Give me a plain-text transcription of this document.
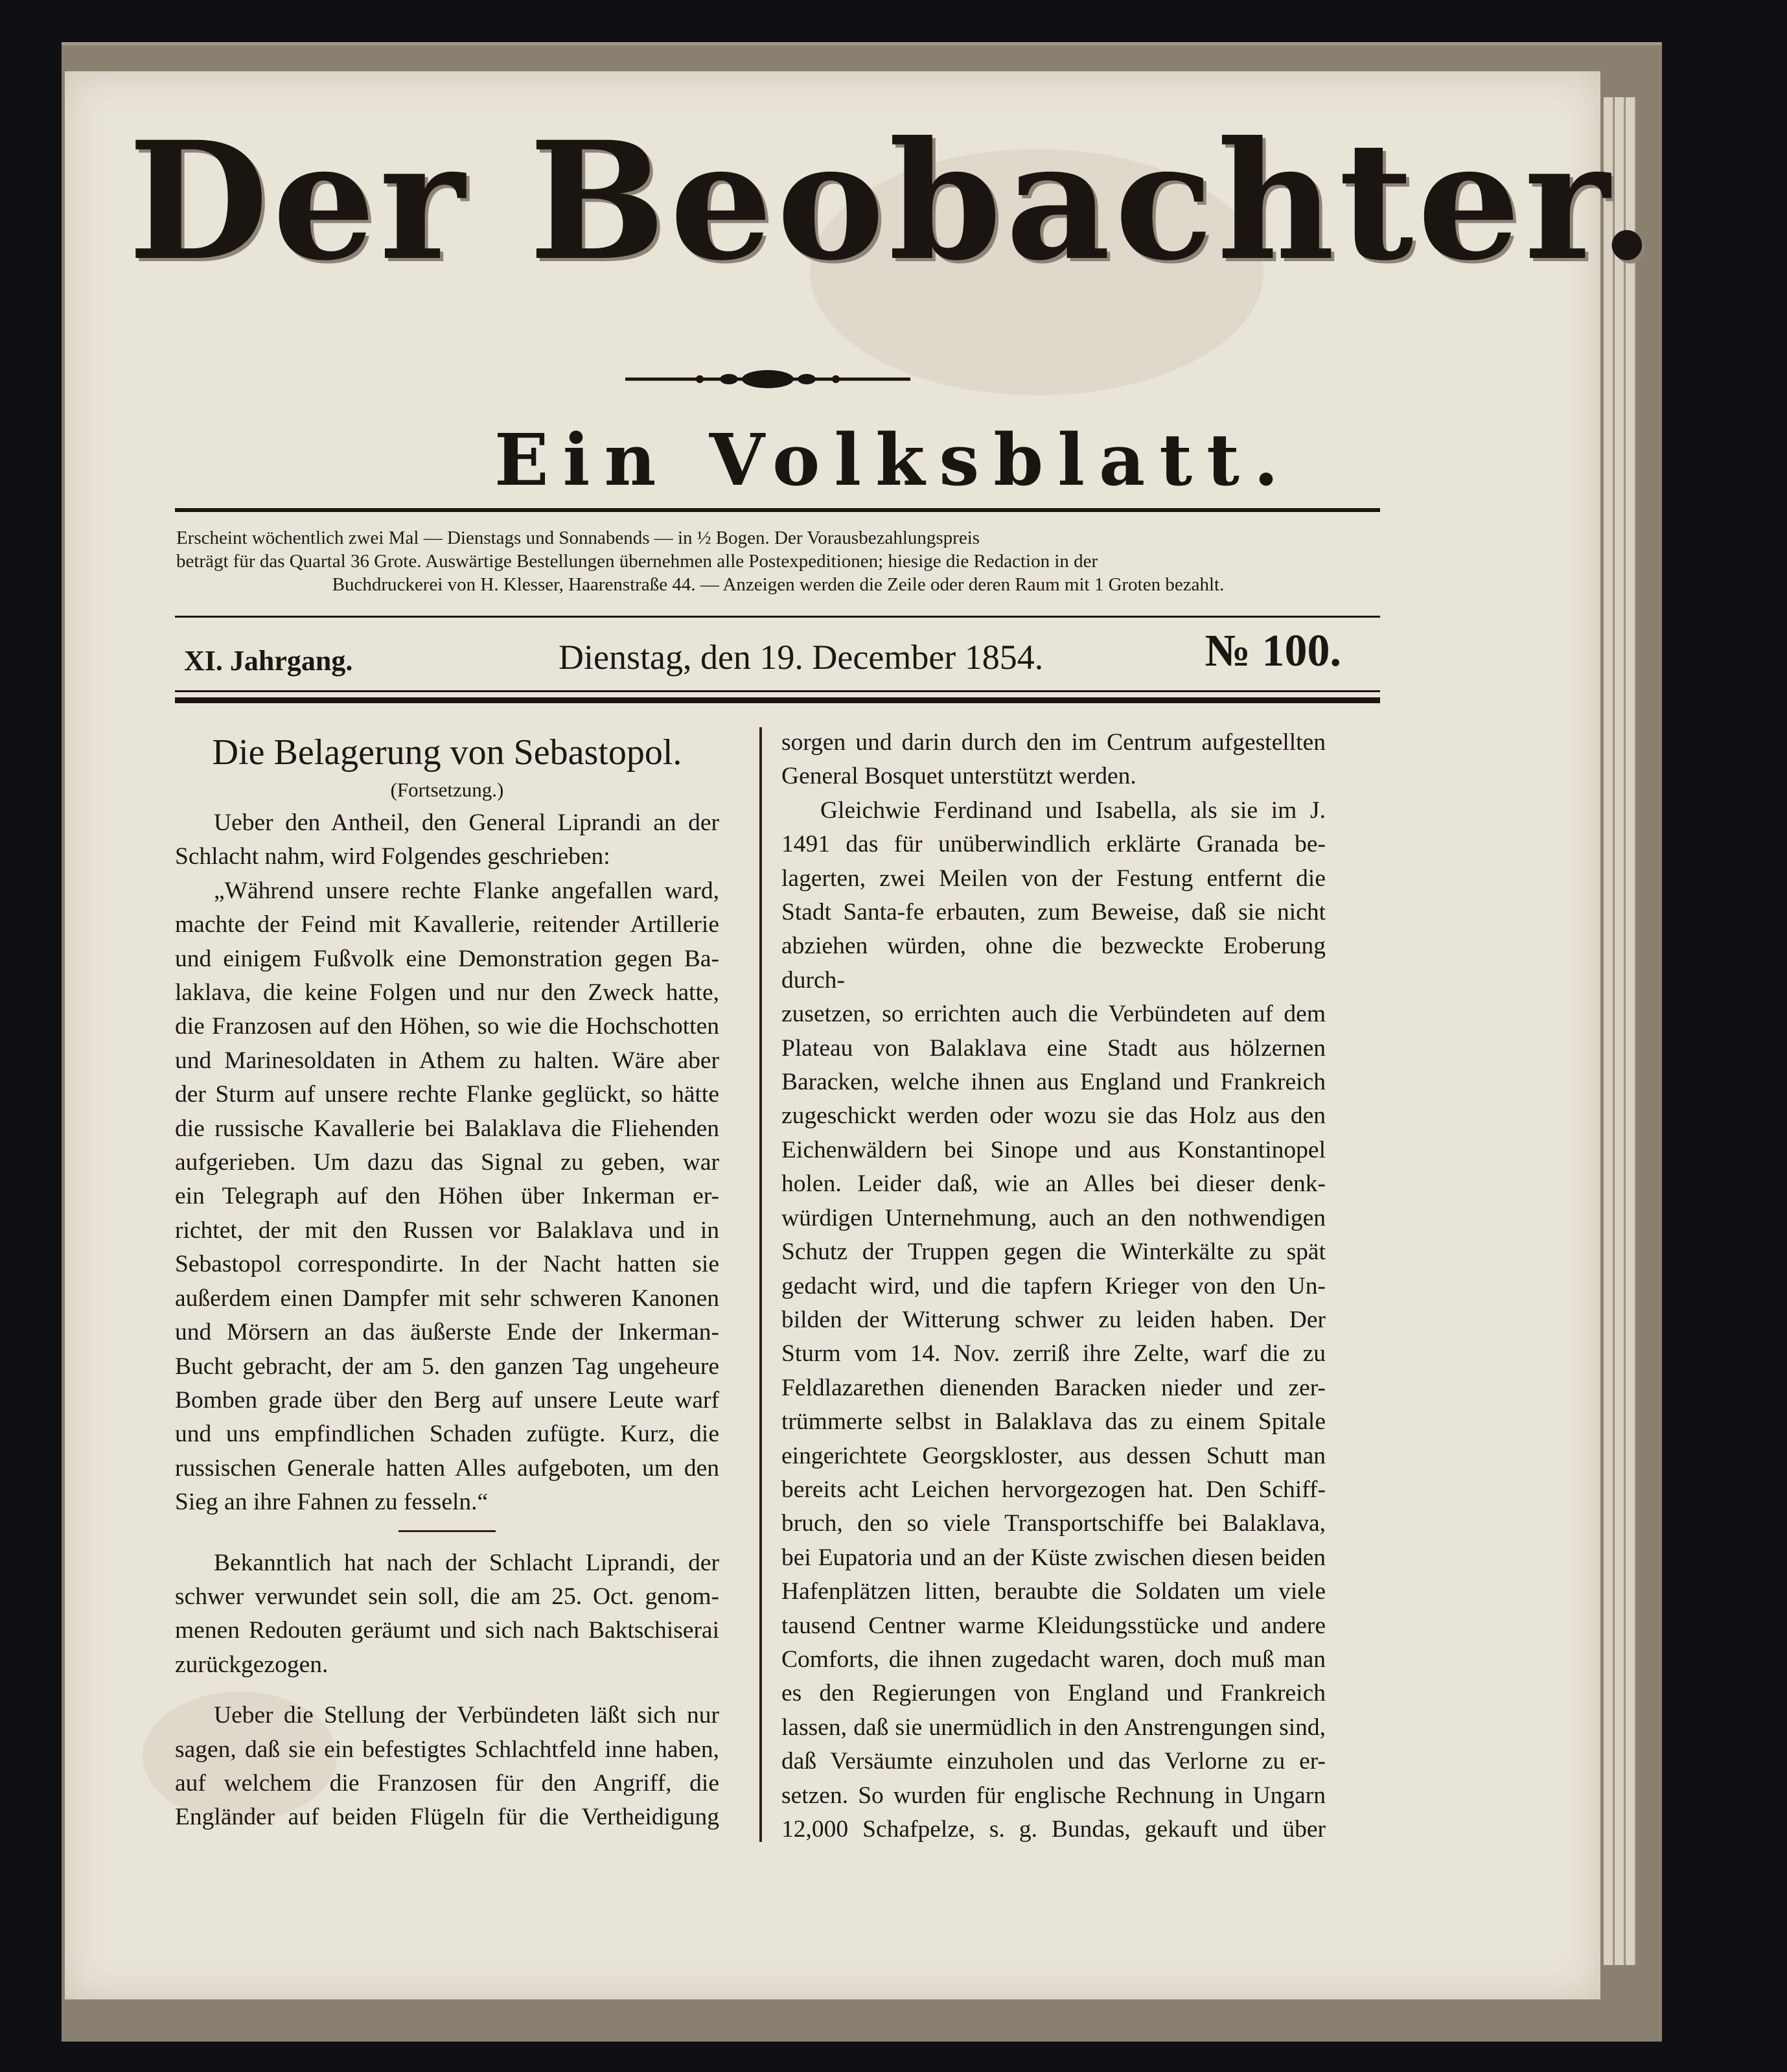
Der Beobachter.
Ein Volksblatt.
Erscheint wöchentlich zwei Mal — Dienstags und Sonnabends — in ½ Bogen. Der Vorausbezahlungspreis
beträgt für das Quartal 36 Grote. Auswärtige Bestellungen übernehmen alle Postexpeditionen; hiesige die Redaction in der

Buchdruckerei von H. Klesser, Haarenstraße 44. — Anzeigen werden die Zeile oder deren Raum mit 1 Groten bezahlt.
XI. Jahrgang.	Dienstag, den 19. December 1854.	№ 100.
Die Belagerung von Sebastopol.
(Fortsetzung.)

Ueber den Antheil, den General Liprandi an der

Schlacht nahm, wird Folgendes geschrieben:

„Während unsere rechte Flanke angefallen ward,

machte der Feind mit Kavallerie, reitender Artillerie

und einigem Fußvolk eine Demonstration gegen Ba-

laklava, die keine Folgen und nur den Zweck hatte,

die Franzosen auf den Höhen, so wie die Hochschotten

und Marinesoldaten in Athem zu halten. Wäre aber

der Sturm auf unsere rechte Flanke geglückt, so hätte

die russische Kavallerie bei Balaklava die Fliehenden

aufgerieben. Um dazu das Signal zu geben, war

ein Telegraph auf den Höhen über Inkerman er-

richtet, der mit den Russen vor Balaklava und in

Sebastopol correspondirte. In der Nacht hatten sie

außerdem einen Dampfer mit sehr schweren Kanonen

und Mörsern an das äußerste Ende der Inkerman-

Bucht gebracht, der am 5. den ganzen Tag ungeheure

Bomben grade über den Berg auf unsere Leute warf

und uns empfindlichen Schaden zufügte. Kurz, die

russischen Generale hatten Alles aufgeboten, um den

Sieg an ihre Fahnen zu fesseln.“

Bekanntlich hat nach der Schlacht Liprandi, der

schwer verwundet sein soll, die am 25. Oct. genom-

menen Redouten geräumt und sich nach Baktschiserai

zurückgezogen.

Ueber die Stellung der Verbündeten läßt sich nur

sagen, daß sie ein befestigtes Schlachtfeld inne haben,

auf welchem die Franzosen für den Angriff, die

Engländer auf beiden Flügeln für die Vertheidigung

sorgen und darin durch den im Centrum aufgestellten

General Bosquet unterstützt werden.

Gleichwie Ferdinand und Isabella, als sie im J.

1491 das für unüberwindlich erklärte Granada be-

lagerten, zwei Meilen von der Festung entfernt die

Stadt Santa-fe erbauten, zum Beweise, daß sie nicht

abziehen würden, ohne die bezweckte Eroberung durch-

zusetzen, so errichten auch die Verbündeten auf dem

Plateau von Balaklava eine Stadt aus hölzernen

Baracken, welche ihnen aus England und Frankreich

zugeschickt werden oder wozu sie das Holz aus den

Eichenwäldern bei Sinope und aus Konstantinopel

holen. Leider daß, wie an Alles bei dieser denk-

würdigen Unternehmung, auch an den nothwendigen

Schutz der Truppen gegen die Winterkälte zu spät

gedacht wird, und die tapfern Krieger von den Un-

bilden der Witterung schwer zu leiden haben. Der

Sturm vom 14. Nov. zerriß ihre Zelte, warf die zu

Feldlazarethen dienenden Baracken nieder und zer-

trümmerte selbst in Balaklava das zu einem Spitale

eingerichtete Georgskloster, aus dessen Schutt man

bereits acht Leichen hervorgezogen hat. Den Schiff-

bruch, den so viele Transportschiffe bei Balaklava,

bei Eupatoria und an der Küste zwischen diesen beiden

Hafenplätzen litten, beraubte die Soldaten um viele

tausend Centner warme Kleidungsstücke und andere

Comforts, die ihnen zugedacht waren, doch muß man

es den Regierungen von England und Frankreich

lassen, daß sie unermüdlich in den Anstrengungen sind,

daß Versäumte einzuholen und das Verlorne zu er-

setzen. So wurden für englische Rechnung in Ungarn

12,000 Schafpelze, s. g. Bundas, gekauft und über
